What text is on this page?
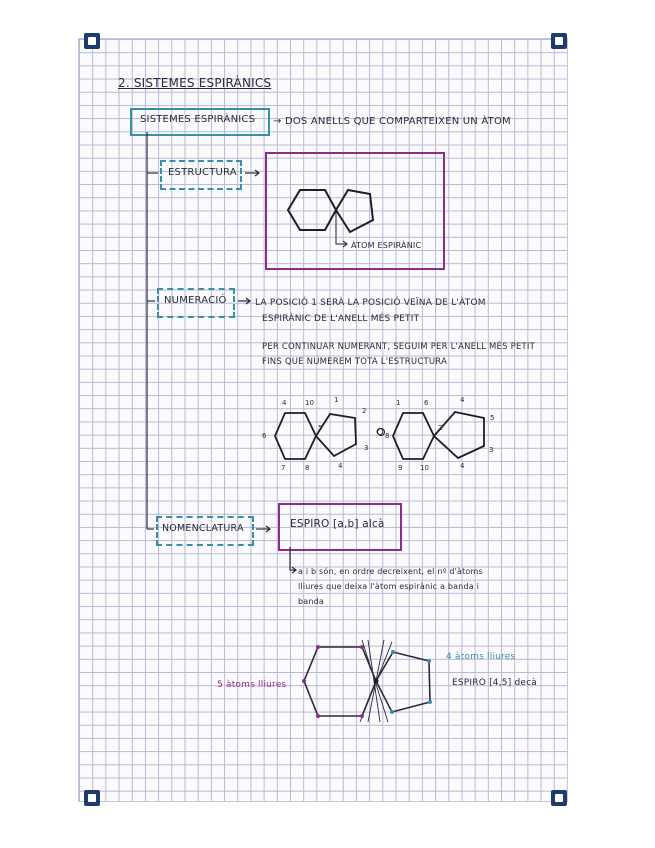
2. SISTEMES ESPIRÀNICS
SISTEMES ESPIRÀNICS → DOS ANELLS QUE COMPARTEIXEN UN ÀTOM
ESTRUCTURA
ÀTOM ESPIRÀNIC
NUMERACIÓ	LA POSICIÓ 1 SERÀ LA POSICIÓ VEÏNA DE L'ÀTOM
ESPIRÀNIC DE L'ANELL MÉS PETIT
PER CONTINUAR NUMERANT, SEGUIM PER L'ANELL MÉS PETIT
FINS QUE NUMEREM TOTA L'ESTRUCTURA
O
NOMENCLATURA	ESPIRO [a,b] alcà
a i b són, en ordre decreixent, el nº d'àtoms
lliures que deixa l'àtom espirànic a banda i
banda
5 àtoms lliures
4 àtoms lliures
ESPIRO [4,5] decà
4	10	1
2
3
6
7	8
5
4
1	6	4
5
3
2
9	10	4
8
